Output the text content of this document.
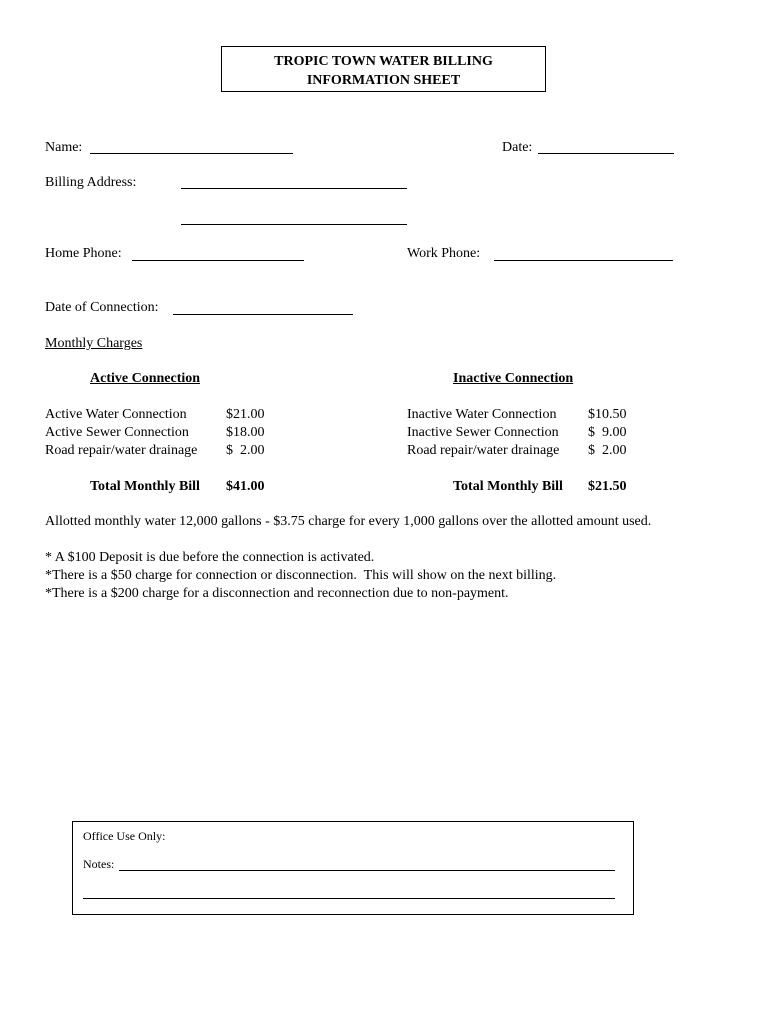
TROPIC TOWN WATER BILLING
INFORMATION SHEET
Name:	Date:
Billing Address:
Home Phone:	Work Phone:
Date of Connection:
Monthly Charges
Active Connection	Inactive Connection
Active Water Connection	$21.00
Active Sewer Connection	$18.00
Road repair/water drainage $  2.00
Inactive Water Connection $10.50
Inactive Sewer Connection $  9.00
Road repair/water drainage $  2.00
Total Monthly Bill $41.00	Total Monthly Bill $21.50
Allotted monthly water 12,000 gallons - $3.75 charge for every 1,000 gallons over the allotted amount used.
* A $100 Deposit is due before the connection is activated.
*There is a $50 charge for connection or disconnection.  This will show on the next billing.
*There is a $200 charge for a disconnection and reconnection due to non-payment.
Office Use Only:
Notes:
